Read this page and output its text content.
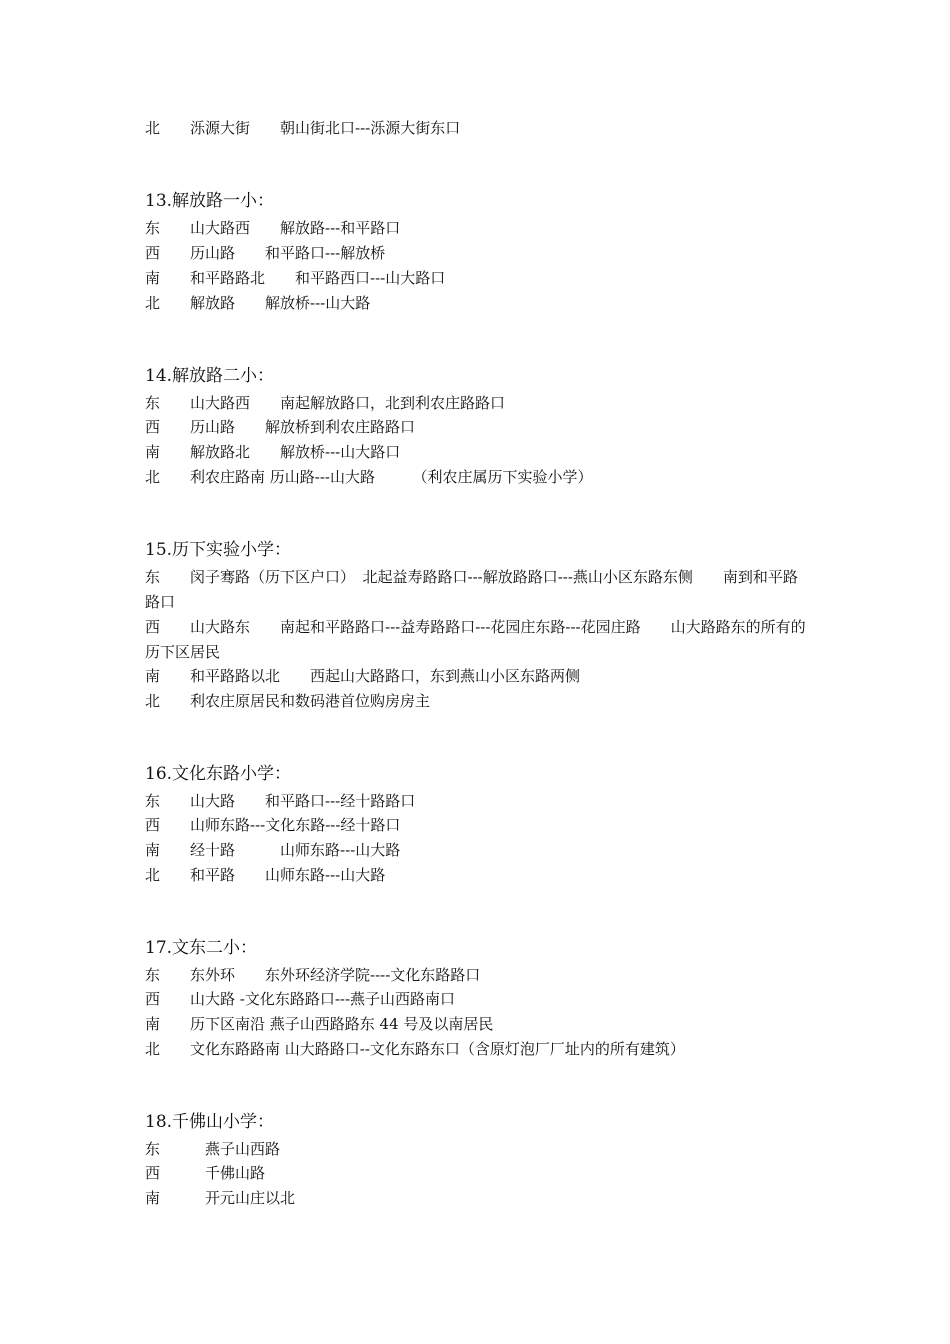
北　　泺源大街　　朝山街北口---泺源大街东口
13.解放路一小：
东　　山大路西　　解放路---和平路口
西　　历山路　　和平路口---解放桥
南　　和平路路北　　和平路西口---山大路口
北　　解放路　　解放桥---山大路
14.解放路二小：
东　　山大路西　　南起解放路口，北到利农庄路路口
西　　历山路　　解放桥到利农庄路路口
南　　解放路北　　解放桥---山大路口
北　　利农庄路南 历山路---山大路　　　（利农庄属历下实验小学）
15.历下实验小学：
东　　闵子骞路（历下区户口）　北起益寿路路口---解放路路口---燕山小区东路东侧　　南到和平路路口
西　　山大路东　　南起和平路路口---益寿路路口---花园庄东路---花园庄路　　山大路路东的所有的历下区居民
南　　和平路路以北　　西起山大路路口，东到燕山小区东路两侧
北　　利农庄原居民和数码港首位购房房主
16.文化东路小学：
东　　山大路　　和平路口---经十路路口
西　　山师东路---文化东路---经十路口
南　　经十路　　　山师东路---山大路
北　　和平路　　山师东路---山大路
17.文东二小：
东　　东外环　　东外环经济学院----文化东路路口
西　　山大路 -文化东路路口---燕子山西路南口
南　　历下区南沿 燕子山西路路东 44 号及以南居民
北　　文化东路路南 山大路路口--文化东路东口（含原灯泡厂厂址内的所有建筑）
18.千佛山小学：
东　　　燕子山西路
西　　　千佛山路
南　　　开元山庄以北
